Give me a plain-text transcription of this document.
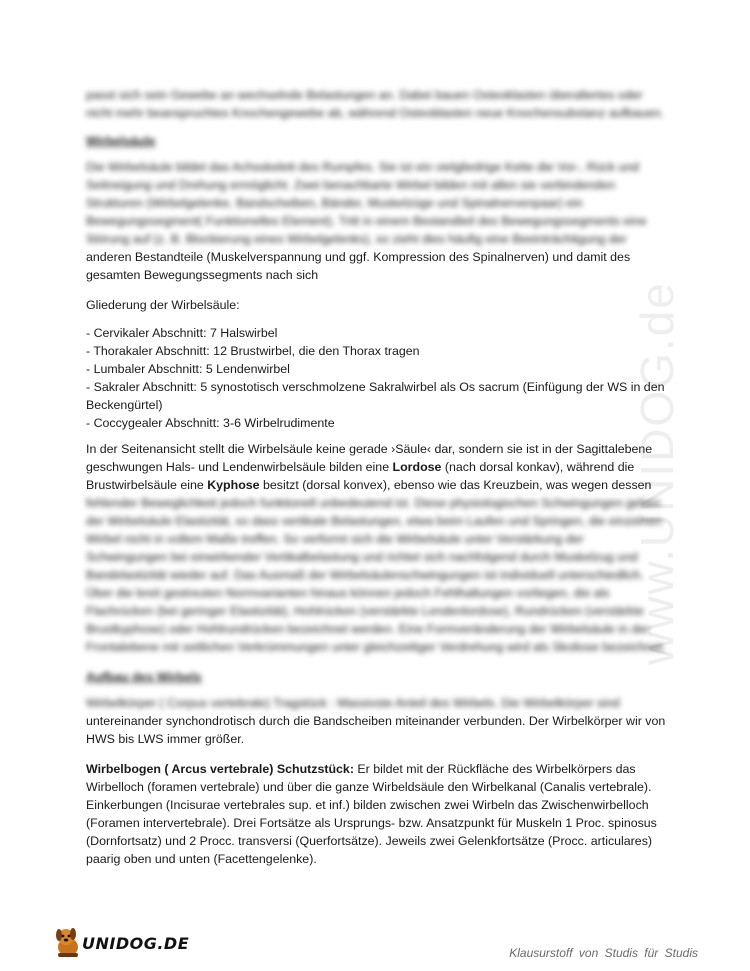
www.UNIDOG.de

passt sich sein Gewebe an wechselnde Belastungen an. Dabei bauen Osteoklasten überaltertes oder nicht mehr beanspruchtes Knochengewebe ab, während Osteoblasten neue Knochensubstanz aufbauen.

Wirbelsäule

Die Wirbelsäule bildet das Achsskelett des Rumpfes. Sie ist ein vielgliedrige Kette die Vor-, Rück und Seitneigung und Drehung ermöglicht. Zwei benachbarte Wirbel bilden mit allen sie verbindenden Strukturen (Wirbelgelenke, Bandscheiben, Bänder, Muskelzüge und Spinalnervenpaar) ein Bewegungssegment( Funktionelles Element). Tritt in einem Bestandteil des Bewegungssegments eine Störung auf (z. B. Blockierung eines Wirbelgelenks), so zieht dies häufig eine Beeinträchtigung der anderen Bestandteile (Muskelverspannung und ggf. Kompression des Spinalnerven) und damit des gesamten Bewegungssegments nach sich

Gliederung der Wirbelsäule:

- Cervikaler Abschnitt: 7 Halswirbel
- Thorakaler Abschnitt: 12 Brustwirbel, die den Thorax tragen
- Lumbaler Abschnitt: 5 Lendenwirbel
- Sakraler Abschnitt: 5 synostotisch verschmolzene Sakralwirbel als Os sacrum (Einfügung der WS in den Beckengürtel)
- Coccygealer Abschnitt: 3-6 Wirbelrudimente

In der Seitenansicht stellt die Wirbelsäule keine gerade ›Säule‹ dar, sondern sie ist in der Sagittalebene geschwungen Hals- und Lendenwirbelsäule bilden eine Lordose (nach dorsal konkav), während die Brustwirbelsäule eine Kyphose besitzt (dorsal konvex), ebenso wie das Kreuzbein, was wegen dessen

fehlender Beweglichkeit jedoch funktionell unbedeutend ist. Diese physiologischen Schwingungen geben der Wirbelsäule Elastizität, so dass vertikale Belastungen, etwa beim Laufen und Springen, die einzelnen Wirbel nicht in vollem Maße treffen. So verformt sich die Wirbelsäule unter Verstärkung der Schwingungen bei einwirkender Vertikalbelastung und richtet sich nachfolgend durch Muskelzug und Bandelastizität wieder auf. Das Ausmaß der Wirbelsäulenschwingungen ist individuell unterschiedlich. Über die breit gestreuten Normvarianten hinaus können jedoch Fehlhaltungen vorliegen, die als Flachrücken (bei geringer Elastizität), Hohlrücken (verstärkte Lendenlordose), Rundrücken (verstärkte Brustkyphose) oder Hohlrundrücken bezeichnet werden. Eine Formveränderung der Wirbelsäule in der Frontalebene mit seitlichen Verkrümmungen unter gleichzeitiger Verdrehung wird als Skoliose bezeichnet.

Aufbau des Wirbels

Wirbelkörper ( Corpus vertebrale) Tragstück : Massivste Anteil des Wirbels. Die Wirbelkörper sind untereinander synchondrotisch durch die Bandscheiben miteinander verbunden. Der Wirbelkörper wir von HWS bis LWS immer größer.

Wirbelbogen ( Arcus vertebrale) Schutzstück: Er bildet mit der Rückfläche des Wirbelkörpers das Wirbelloch (foramen vertebrale) und über die ganze Wirbeldsäule den Wirbelkanal (Canalis vertebrale). Einkerbungen (Incisurae vertebrales sup. et inf.) bilden zwischen zwei Wirbeln das Zwischenwirbelloch (Foramen intervertebrale). Drei Fortsätze als Ursprungs- bzw. Ansatzpunkt für Muskeln 1 Proc. spinosus (Dornfortsatz) und 2 Procc. transversi (Querfortsätze). Jeweils zwei Gelenkfortsätze (Procc. articulares) paarig oben und unten (Facettengelenke).

UNIDOG.DE	Klausurstoff von Studis für Studis
